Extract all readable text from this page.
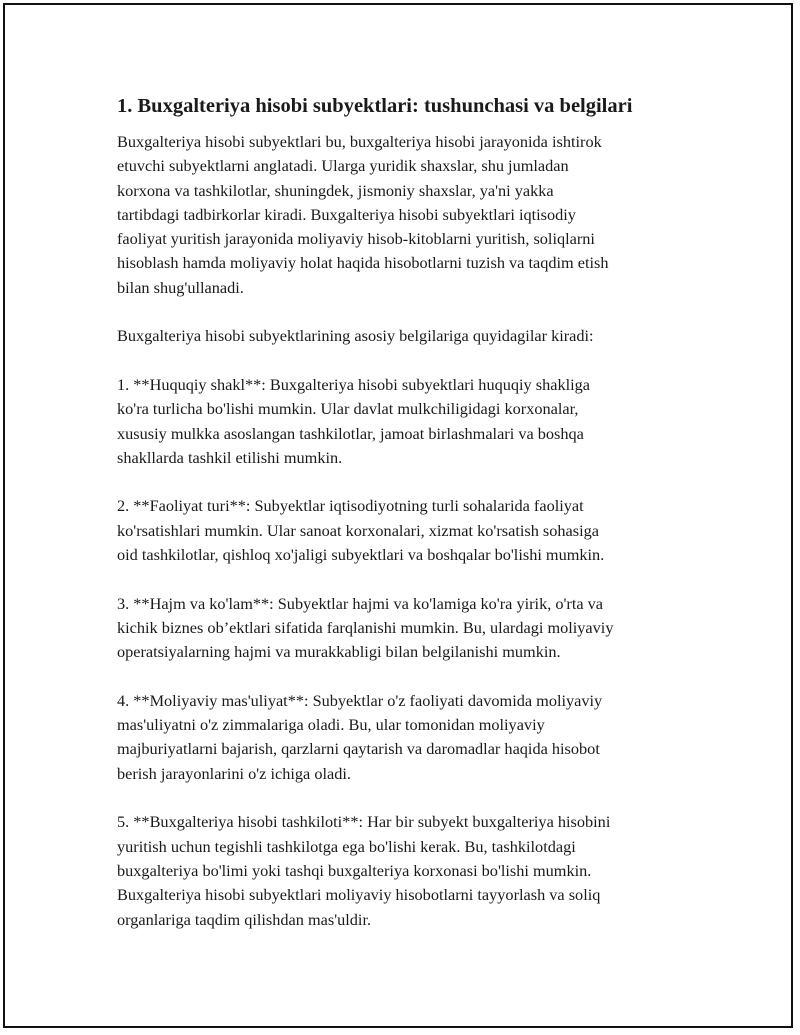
1. Buxgalteriya hisobi subyektlari: tushunchasi va belgilari
Buxgalteriya hisobi subyektlari bu, buxgalteriya hisobi jarayonida ishtirok
etuvchi subyektlarni anglatadi. Ularga yuridik shaxslar, shu jumladan
korxona va tashkilotlar, shuningdek, jismoniy shaxslar, ya'ni yakka
tartibdagi tadbirkorlar kiradi. Buxgalteriya hisobi subyektlari iqtisodiy
faoliyat yuritish jarayonida moliyaviy hisob-kitoblarni yuritish, soliqlarni
hisoblash hamda moliyaviy holat haqida hisobotlarni tuzish va taqdim etish
bilan shug'ullanadi.
Buxgalteriya hisobi subyektlarining asosiy belgilariga quyidagilar kiradi:
1. **Huquqiy shakl**: Buxgalteriya hisobi subyektlari huquqiy shakliga
ko'ra turlicha bo'lishi mumkin. Ular davlat mulkchiligidagi korxonalar,
xususiy mulkka asoslangan tashkilotlar, jamoat birlashmalari va boshqa
shakllarda tashkil etilishi mumkin.
2. **Faoliyat turi**: Subyektlar iqtisodiyotning turli sohalarida faoliyat
ko'rsatishlari mumkin. Ular sanoat korxonalari, xizmat ko'rsatish sohasiga
oid tashkilotlar, qishloq xo'jaligi subyektlari va boshqalar bo'lishi mumkin.
3. **Hajm va ko'lam**: Subyektlar hajmi va ko'lamiga ko'ra yirik, o'rta va
kichik biznes ob’ektlari sifatida farqlanishi mumkin. Bu, ulardagi moliyaviy
operatsiyalarning hajmi va murakkabligi bilan belgilanishi mumkin.
4. **Moliyaviy mas'uliyat**: Subyektlar o'z faoliyati davomida moliyaviy
mas'uliyatni o'z zimmalariga oladi. Bu, ular tomonidan moliyaviy
majburiyatlarni bajarish, qarzlarni qaytarish va daromadlar haqida hisobot
berish jarayonlarini o'z ichiga oladi.
5. **Buxgalteriya hisobi tashkiloti**: Har bir subyekt buxgalteriya hisobini
yuritish uchun tegishli tashkilotga ega bo'lishi kerak. Bu, tashkilotdagi
buxgalteriya bo'limi yoki tashqi buxgalteriya korxonasi bo'lishi mumkin.
Buxgalteriya hisobi subyektlari moliyaviy hisobotlarni tayyorlash va soliq
organlariga taqdim qilishdan mas'uldir.
